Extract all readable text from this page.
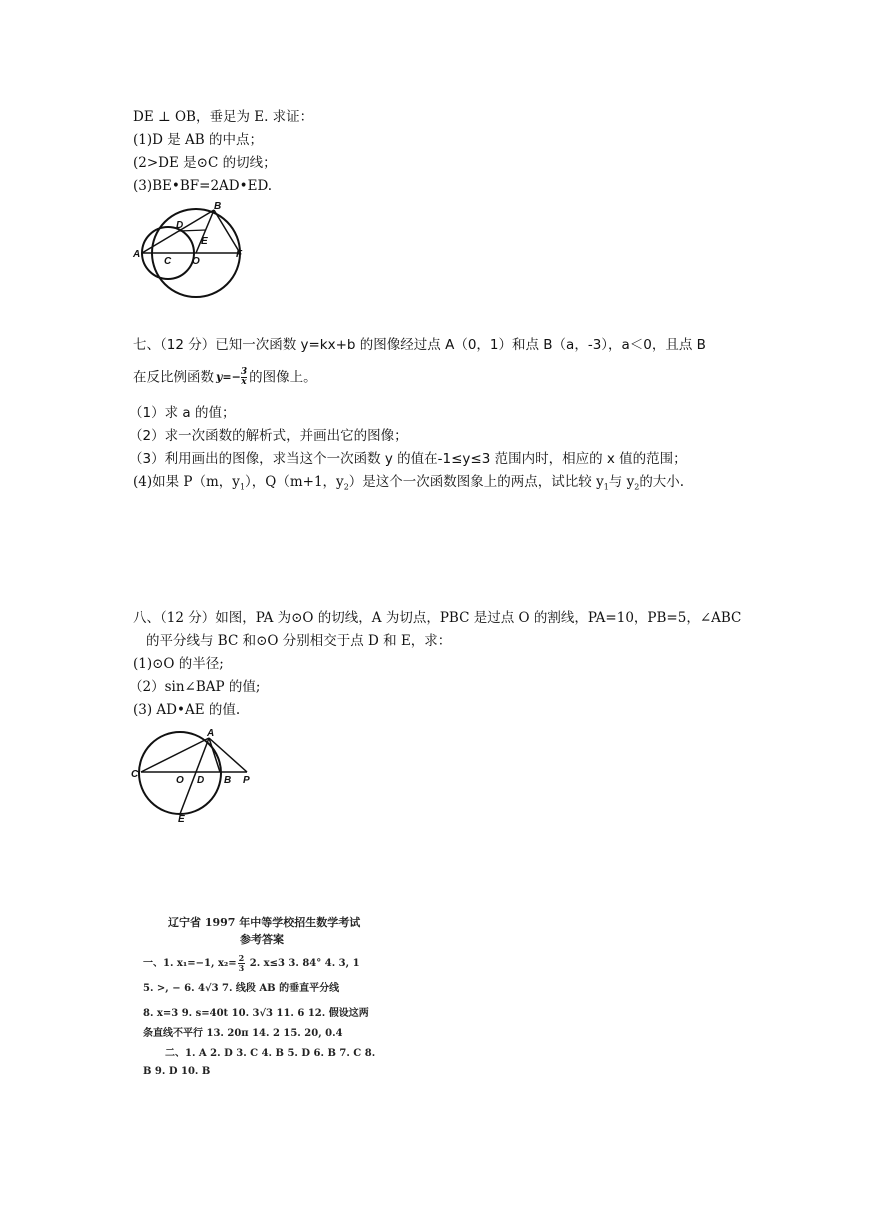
DE ⊥ OB，垂足为 E. 求证：
(1)D 是 AB 的中点；
(2>DE 是⊙C 的切线；
(3)BE•BF=2AD•ED.
A
B
C
D
E
F
O
七、（12 分）已知一次函数 y=kx+b 的图像经过点 A（0，1）和点 B（a，-3），a＜0，且点 B
在反比例函数 $y=- \frac{3}{x}$ 的图像上。
（1）求 a 的值；
（2）求一次函数的解析式，并画出它的图像；
（3）利用画出的图像，求当这个一次函数 y 的值在-1≤y≤3 范围内时，相应的 x 值的范围；
(4)如果 P（m，$y_1$），Q（m+1，$y_2$）是这个一次函数图象上的两点，试比较 $y_1$与 $y_2$的大小.
八、（12 分）如图，PA 为⊙O 的切线，A 为切点，PBC 是过点 O 的割线，PA=10，PB=5，∠ABC
的平分线与 BC 和⊙O 分别相交于点 D 和 E，求：
(1)⊙O 的半径;
（2）sin∠BAP 的值;
(3) AD•AE 的值.
A
C
O D B P
E
辽宁省 1997 年中等学校招生数学考试
参考答案
一、1. x₁=−1, $x_2= \frac{2}{3} 2$. x≤3 3. 84° 4. 3, 1
5. >, − 6. 4√3 7. 线段 AB 的垂直平分线
8. x=3 9. s=40t 10. 3√3 11. 6 12. 假设这两
条直线不平行 13. 20π 14. 2 15. 20, 0.4
二、1. A 2. D 3. C 4. B 5. D 6. B 7. C 8.
B 9. D 10. B
